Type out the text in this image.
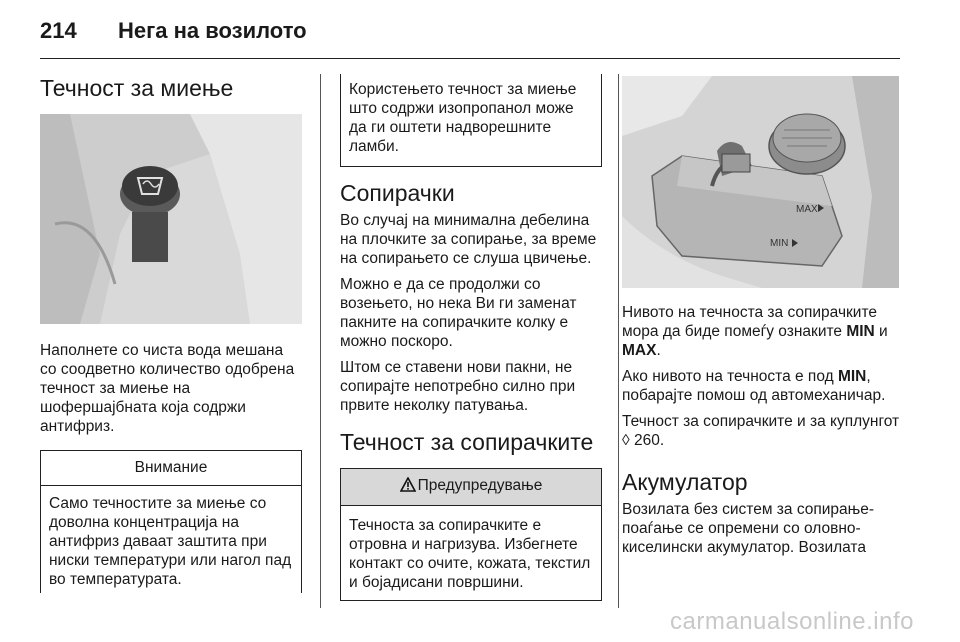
214 Нега на возилото
Течност за миење

Наполнете со чиста вода мешана со соодветно количество одобрена течност за миење на шофершајбната која содржи антифриз.

Внимание
Само течностите за миење со доволна концентрација на антифриз даваат заштита при ниски температури или нагол пад во температурата.
Користењето течност за миење што содржи изопропанол може да ги оштети надворешните ламби.
Сопирачки

Во случај на минимална дебелина на плочките за сопирање, за време на сопирањето се слуша цвичење.

Можно е да се продолжи со возењето, но нека Ви ги заменат пакните на сопирачките колку е можно поскоро.

Штом се ставени нови пакни, не сопирајте непотребно силно при првите неколку патувања.

Течност за сопирачките
Предупредување
Течноста за сопирачките е отровна и нагризува. Избегнете контакт со очите, кожата, текстил и бојадисани површини.
MAX
MIN

Нивото на течноста за сопирачките мора да биде помеѓу ознаките MIN и MAX.

Ако нивото на течноста е под MIN, побарајте помош од автомеханичар.

Течност за сопирачките и за куплунгот ◊ 260.

Акумулатор

Возилата без систем за сопирање-поаѓање се опремени со оловно-киселински акумулатор. Возилата

carmanualsonline.info
